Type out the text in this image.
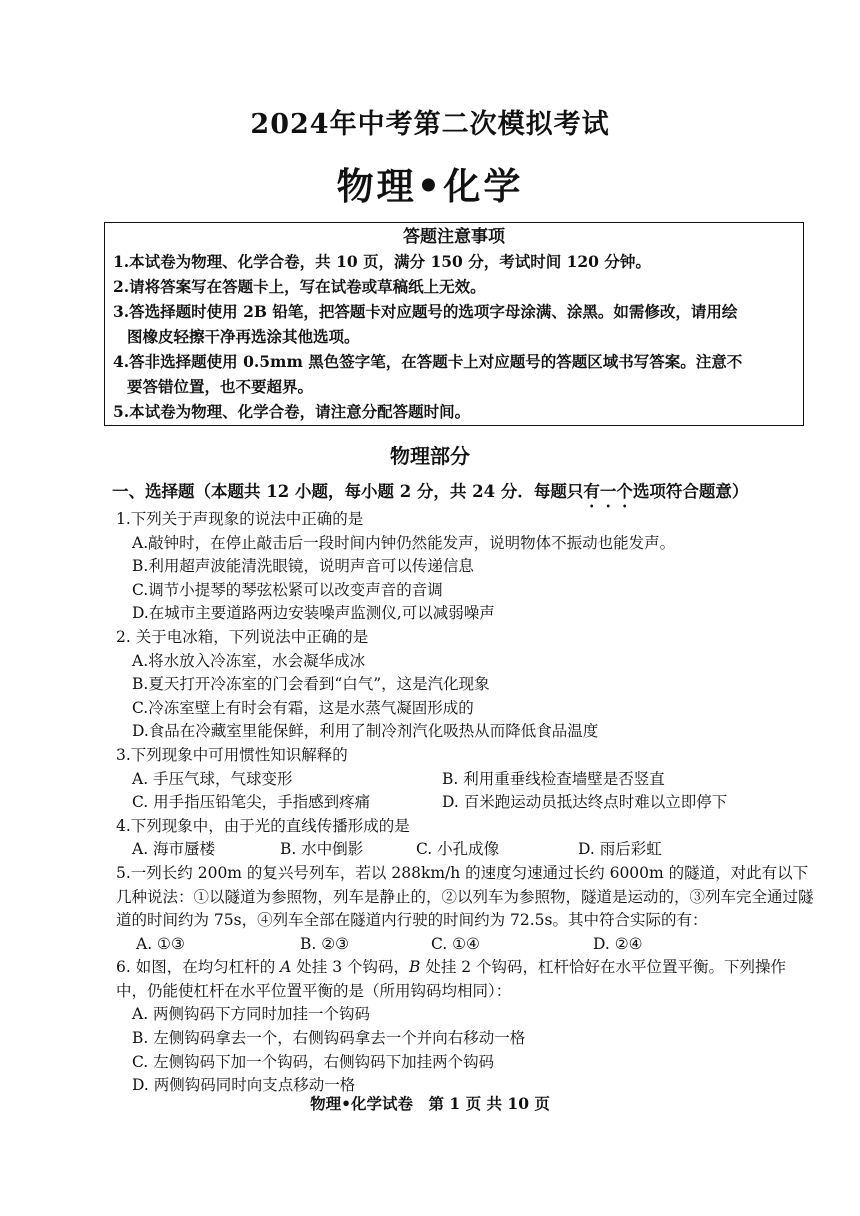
2024年中考第二次模拟考试
物理•化学
答题注意事项
1.本试卷为物理、化学合卷，共 10 页，满分 150 分，考试时间 120 分钟。
2.请将答案写在答题卡上，写在试卷或草稿纸上无效。
3.答选择题时使用 2B 铅笔，把答题卡对应题号的选项字母涂满、涂黑。如需修改，请用绘
图橡皮轻擦干净再选涂其他选项。
4.答非选择题使用 0.5mm 黑色签字笔，在答题卡上对应题号的答题区域书写答案。注意不
要答错位置，也不要超界。
5.本试卷为物理、化学合卷，请注意分配答题时间。
物理部分
一、选择题（本题共 12 小题，每小题 2 分，共 24 分．每题只有一个选项符合题意）
1.下列关于声现象的说法中正确的是
A.敲钟时，在停止敲击后一段时间内钟仍然能发声，说明物体不振动也能发声。
B.利用超声波能清洗眼镜，说明声音可以传递信息
C.调节小提琴的琴弦松紧可以改变声音的音调
D.在城市主要道路两边安装噪声监测仪,可以减弱噪声
2. 关于电冰箱，下列说法中正确的是
A.将水放入冷冻室，水会凝华成冰
B.夏天打开冷冻室的门会看到“白气”，这是汽化现象
C.冷冻室壁上有时会有霜，这是水蒸气凝固形成的
D.食品在冷藏室里能保鲜，利用了制冷剂汽化吸热从而降低食品温度
3.下列现象中可用惯性知识解释的
A. 手压气球，气球变形	B. 利用重垂线检查墙壁是否竖直
C. 用手指压铅笔尖，手指感到疼痛	D. 百米跑运动员抵达终点时难以立即停下
4.下列现象中，由于光的直线传播形成的是
A. 海市蜃楼	B. 水中倒影	C. 小孔成像	D. 雨后彩虹
5.一列长约 200m 的复兴号列车，若以 288km/h 的速度匀速通过长约 6000m 的隧道，对此有以下几种说法：①以隧道为参照物，列车是静止的，②以列车为参照物，隧道是运动的，③列车完全通过隧道的时间约为 75s，④列车全部在隧道内行驶的时间约为 72.5s。其中符合实际的有：
A. ①③	B. ②③	C. ①④	D. ②④
6. 如图，在均匀杠杆的 A 处挂 3 个钩码，B 处挂 2 个钩码，杠杆恰好在水平位置平衡。下列操作中，仍能使杠杆在水平位置平衡的是（所用钩码均相同）：
A. 两侧钩码下方同时加挂一个钩码
B. 左侧钩码拿去一个，右侧钩码拿去一个并向右移动一格
C. 左侧钩码下加一个钩码，右侧钩码下加挂两个钩码
D. 两侧钩码同时向支点移动一格
物理•化学试卷　第 1 页 共 10 页
